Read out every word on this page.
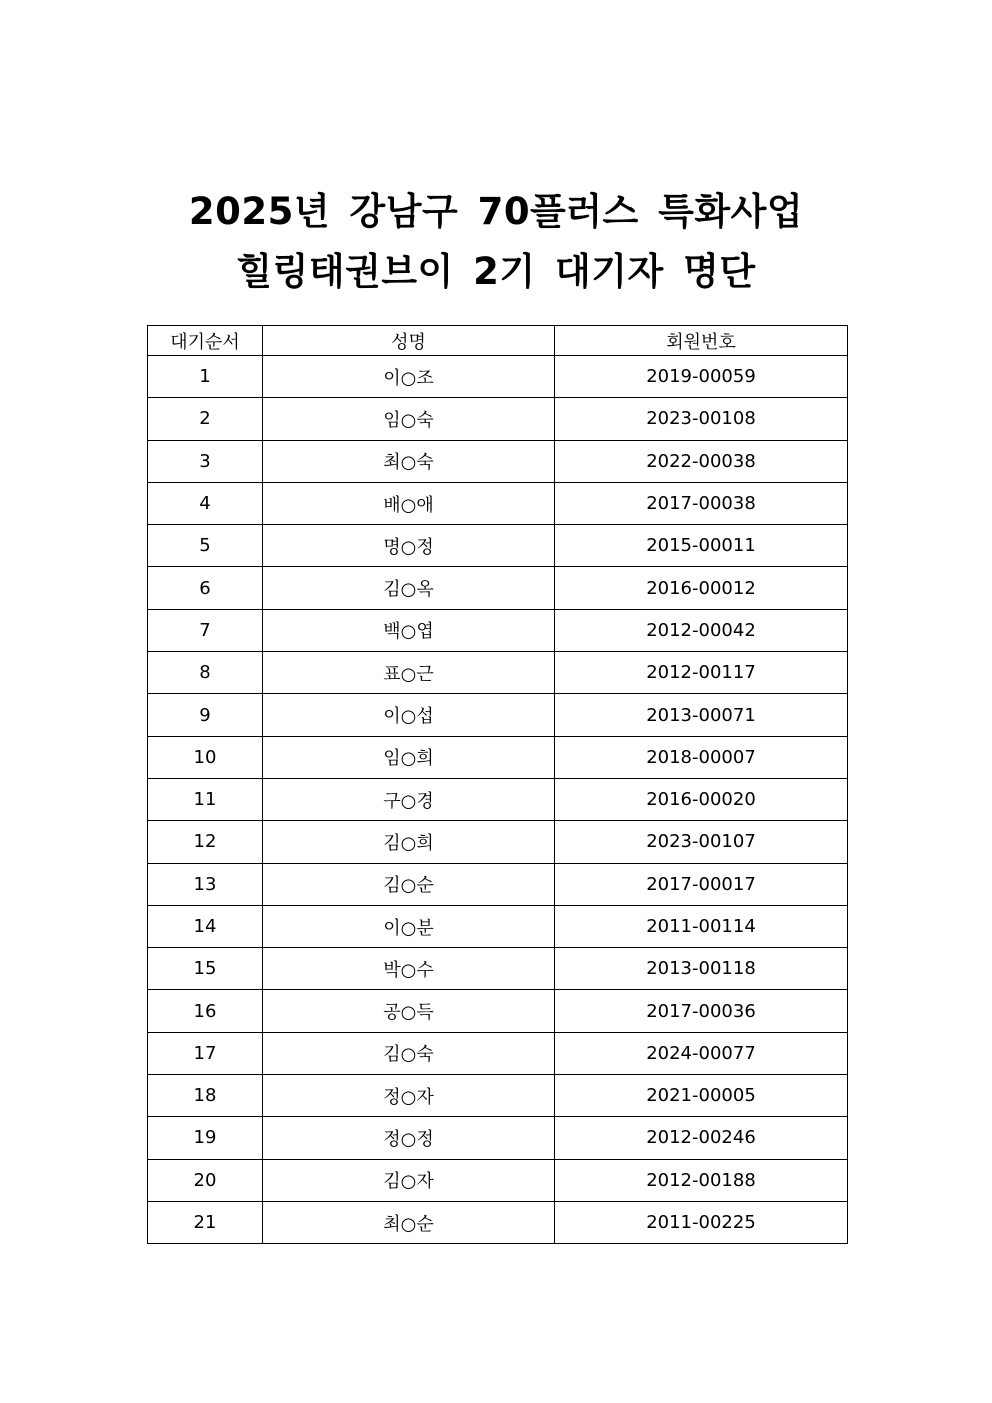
2025년 강남구 70플러스 특화사업
힐링태권브이 2기 대기자 명단
대기순서	성명	회원번호
1	이○조	2019-00059
2	임○숙	2023-00108
3	최○숙	2022-00038
4	배○애	2017-00038
5	명○정	2015-00011
6	김○옥	2016-00012
7	백○엽	2012-00042
8	표○근	2012-00117
9	이○섭	2013-00071
10	임○희	2018-00007
11	구○경	2016-00020
12	김○희	2023-00107
13	김○순	2017-00017
14	이○분	2011-00114
15	박○수	2013-00118
16	공○득	2017-00036
17	김○숙	2024-00077
18	정○자	2021-00005
19	정○정	2012-00246
20	김○자	2012-00188
21	최○순	2011-00225
